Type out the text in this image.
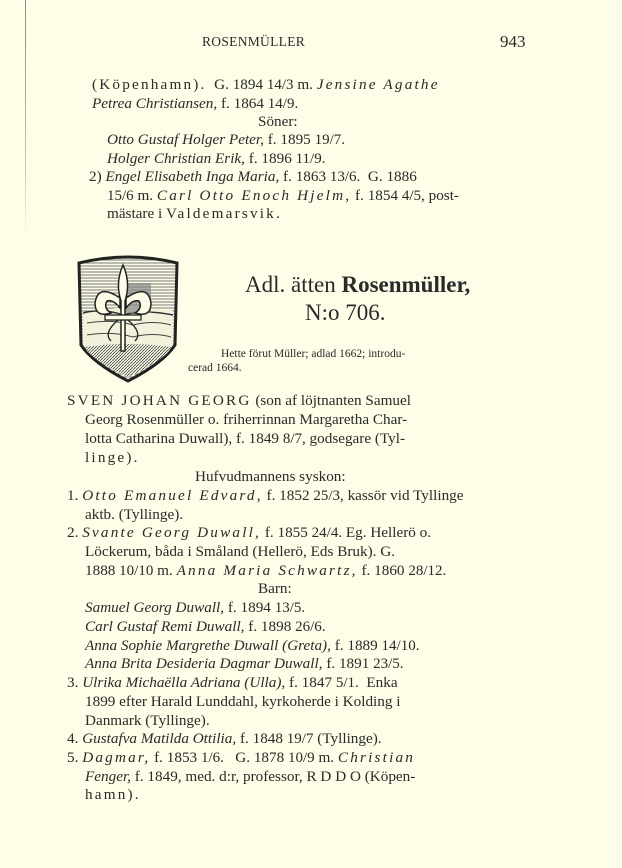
ROSENMÜLLER	943
(Köpenhamn). G. 1894 14/3 m. Jensine Agathe
Petrea Christiansen, f. 1864 14/9.
Söner:
Otto Gustaf Holger Peter, f. 1895 19/7.
Holger Christian Erik, f. 1896 11/9.
2) Engel Elisabeth Inga Maria, f. 1863 13/6. G. 1886
15/6 m. Carl Otto Enoch Hjelm, f. 1854 4/5, post-
mästare i Valdemarsvik.
Adl. ätten Rosenmüller,
N:o 706.
Hette förut Müller; adlad 1662; introdu-
cerad 1664.
SVEN JOHAN GEORG (son af löjtnanten Samuel
Georg Rosenmüller o. friherrinnan Margaretha Char-
lotta Catharina Duwall), f. 1849 8/7, godsegare (Tyl-
linge).
Hufvudmannens syskon:
1. Otto Emanuel Edvard, f. 1852 25/3, kassör vid Tyllinge
aktb. (Tyllinge).
2. Svante Georg Duwall, f. 1855 24/4. Eg. Hellerö o.
Löckerum, båda i Småland (Hellerö, Eds Bruk). G.
1888 10/10 m. Anna Maria Schwartz, f. 1860 28/12.
Barn:
Samuel Georg Duwall, f. 1894 13/5.
Carl Gustaf Remi Duwall, f. 1898 26/6.
Anna Sophie Margrethe Duwall (Greta), f. 1889 14/10.
Anna Brita Desideria Dagmar Duwall, f. 1891 23/5.
3. Ulrika Michaëlla Adriana (Ulla), f. 1847 5/1. Enka
1899 efter Harald Lunddahl, kyrkoherde i Kolding i
Danmark (Tyllinge).
4. Gustafva Matilda Ottilia, f. 1848 19/7 (Tyllinge).
5. Dagmar, f. 1853 1/6. G. 1878 10/9 m. Christian
Fenger, f. 1849, med. d:r, professor, R D D O (Köpen-
hamn).
